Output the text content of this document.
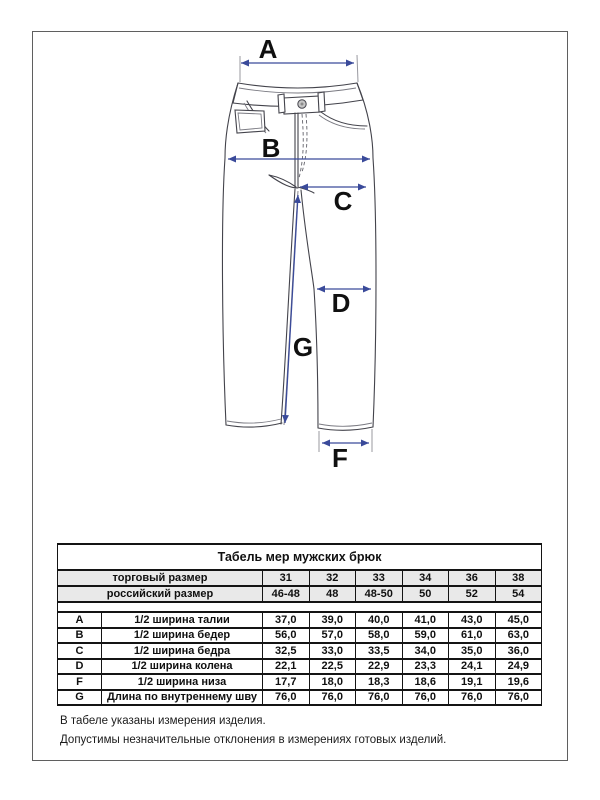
A
B
C
D
F
G
Табель мер мужских брюк							
торговый размер		31	32	33	34	36	38
российский размер		46-48	48	48-50	50	52	54

A	1/2 ширина талии	37,0	39,0	40,0	41,0	43,0	45,0
B	1/2 ширина бедер	56,0	57,0	58,0	59,0	61,0	63,0
C	1/2 ширина бедра	32,5	33,0	33,5	34,0	35,0	36,0
D	1/2 ширина колена	22,1	22,5	22,9	23,3	24,1	24,9
F	1/2 ширина низа	17,7	18,0	18,3	18,6	19,1	19,6
G	Длина по внутреннему шву	76,0	76,0	76,0	76,0	76,0	76,0
В табеле указаны измерения изделия.
Допустимы незначительные отклонения в измерениях готовых изделий.
